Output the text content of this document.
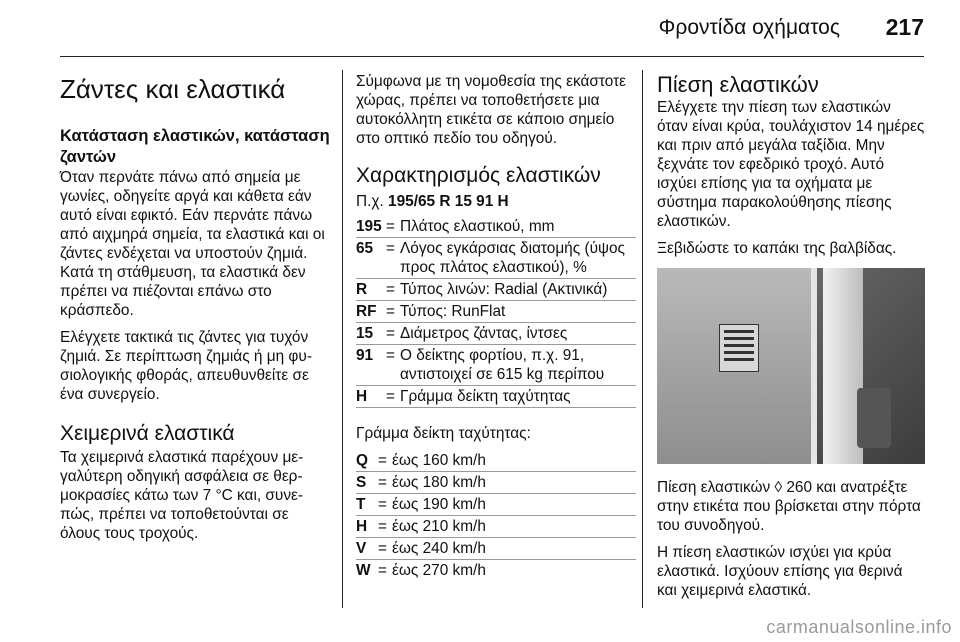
Φροντίδα οχήματος 217
Ζάντες και ελαστικά
Κατάσταση ελαστικών, κατάσταση ζαντών

Όταν περνάτε πάνω από σημεία με γωνίες, οδηγείτε αργά και κάθετα εάν αυτό είναι εφικτό. Εάν περνάτε πάνω από αιχμηρά σημεία, τα ελαστικά και οι ζάντες ενδέχεται να υποστούν ζημιά. Κατά τη στάθμευση, τα ελαστικά δεν πρέπει να πιέζονται επάνω στο κράσπεδο.

Ελέγχετε τακτικά τις ζάντες για τυχόν ζημιά. Σε περίπτωση ζημιάς ή μη φυσιολογικής φθοράς, απευθυνθείτε σε ένα συνεργείο.

Χειμερινά ελαστικά

Τα χειμερινά ελαστικά παρέχουν μεγαλύτερη οδηγική ασφάλεια σε θερμοκρασίες κάτω των 7 °C και, συνεπώς, πρέπει να τοποθετούνται σε όλους τους τροχούς.

Σύμφωνα με τη νομοθεσία της εκάστοτε χώρας, πρέπει να τοποθετήσετε μια αυτοκόλλητη ετικέτα σε κάποιο σημείο στο οπτικό πεδίο του οδηγού.

Χαρακτηρισμός ελαστικών
Π.χ. 195/65 R 15 91 H
195	=	Πλάτος ελαστικού, mm
65	=	Λόγος εγκάρσιας διατομής (ύψος προς πλάτος ελαστικού), %
R	=	Τύπος λινών: Radial (Ακτινικά)
RF	=	Τύπος: RunFlat
15	=	Διάμετρος ζάντας, ίντσες
91	=	Ο δείκτης φορτίου, π.χ. 91, αντιστοιχεί σε 615 kg περίπου
H	=	Γράμμα δείκτη ταχύτητας

Γράμμα δείκτη ταχύτητας:

Q	=	έως 160 km/h
S	=	έως 180 km/h
T	=	έως 190 km/h
H	=	έως 210 km/h
V	=	έως 240 km/h
W	=	έως 270 km/h
Πίεση ελαστικών

Ελέγχετε την πίεση των ελαστικών όταν είναι κρύα, τουλάχιστον 14 ημέρες και πριν από μεγάλα ταξίδια. Μην ξεχνάτε τον εφεδρικό τροχό. Αυτό ισχύει επίσης για τα οχήματα με σύστημα παρακολούθησης πίεσης ελαστικών.

Ξεβιδώστε το καπάκι της βαλβίδας.

Πίεση ελαστικών ◊ 260 και ανατρέξτε στην ετικέτα που βρίσκεται στην πόρτα του συνοδηγού.

Η πίεση ελαστικών ισχύει για κρύα ελαστικά. Ισχύουν επίσης για θερινά και χειμερινά ελαστικά.

carmanualsonline.info
